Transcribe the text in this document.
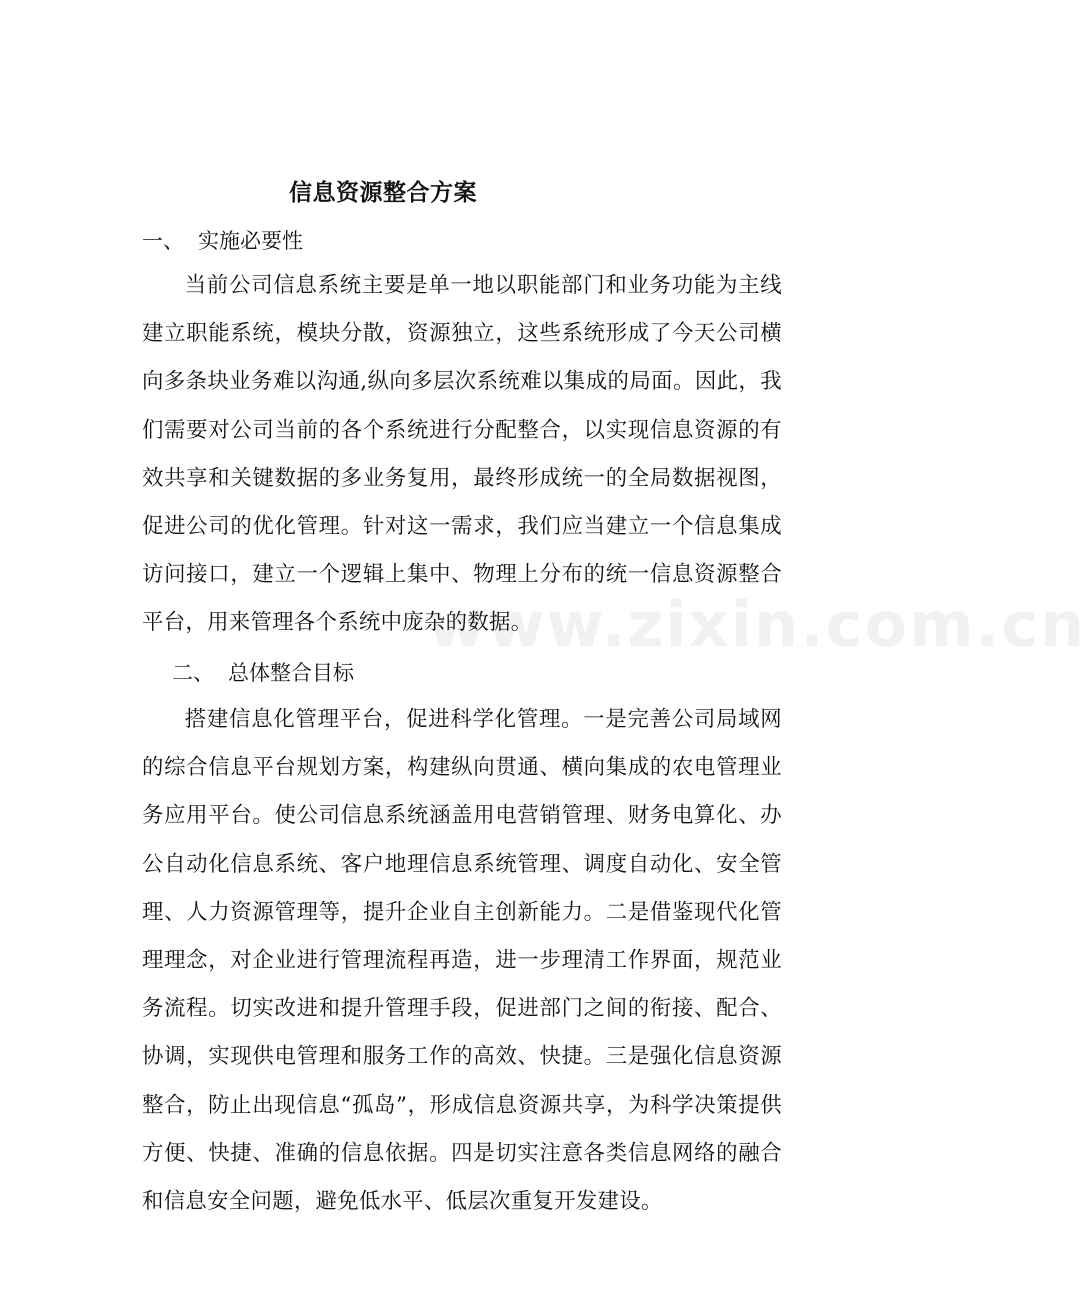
www.zixin.com.cn
信息资源整合方案
一、 实施必要性
当前公司信息系统主要是单一地以职能部门和业务功能为主线建立职能系统，模块分散，资源独立，这些系统形成了今天公司横向多条块业务难以沟通,纵向多层次系统难以集成的局面。因此，我们需要对公司当前的各个系统进行分配整合，以实现信息资源的有效共享和关键数据的多业务复用，最终形成统一的全局数据视图，促进公司的优化管理。针对这一需求，我们应当建立一个信息集成访问接口，建立一个逻辑上集中、物理上分布的统一信息资源整合平台，用来管理各个系统中庞杂的数据。
二、 总体整合目标
搭建信息化管理平台，促进科学化管理。一是完善公司局域网的综合信息平台规划方案，构建纵向贯通、横向集成的农电管理业务应用平台。使公司信息系统涵盖用电营销管理、财务电算化、办公自动化信息系统、客户地理信息系统管理、调度自动化、安全管理、人力资源管理等，提升企业自主创新能力。二是借鉴现代化管理理念，对企业进行管理流程再造，进一步理清工作界面，规范业务流程。切实改进和提升管理手段，促进部门之间的衔接、配合、协调，实现供电管理和服务工作的高效、快捷。三是强化信息资源整合，防止出现信息“孤岛”，形成信息资源共享，为科学决策提供方便、快捷、准确的信息依据。四是切实注意各类信息网络的融合和信息安全问题，避免低水平、低层次重复开发建设。
